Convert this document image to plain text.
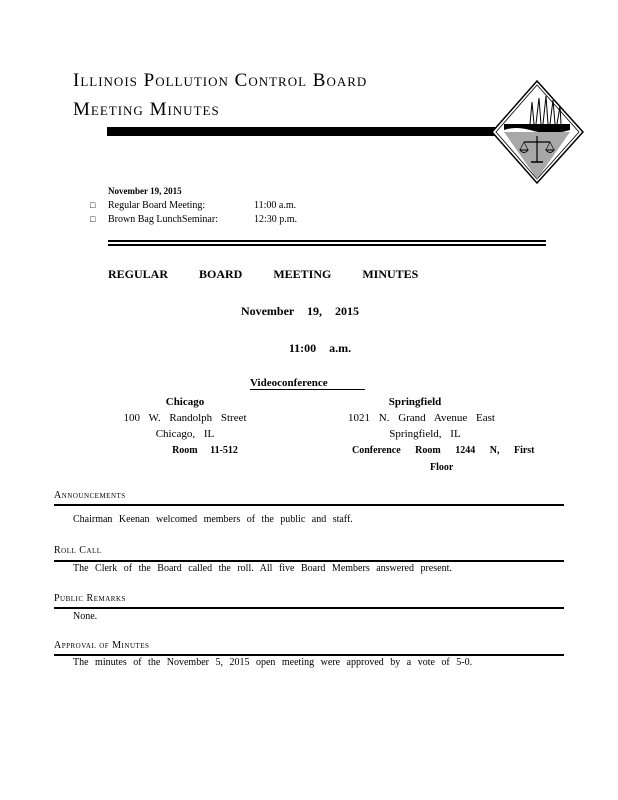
Illinois Pollution Control Board
Meeting Minutes
November 19, 2015
□ Regular Board Meeting:	11:00 a.m.
□ Brown Bag LunchSeminar:	12:30 p.m.
REGULAR BOARD MEETING MINUTES
November 19, 2015
11:00 a.m.
Videoconference
Chicago
100 W. Randolph Street
Chicago, IL
Room 11-512
Springfield
1021 N. Grand Avenue East
Springfield, IL
Conference Room 1244 N, First
Floor
Announcements
Chairman Keenan welcomed members of the public and staff.
Roll Call
The Clerk of the Board called the roll. All five Board Members answered present.
Public Remarks
None.
Approval of Minutes
The minutes of the November 5, 2015 open meeting were approved by a vote of 5-0.
